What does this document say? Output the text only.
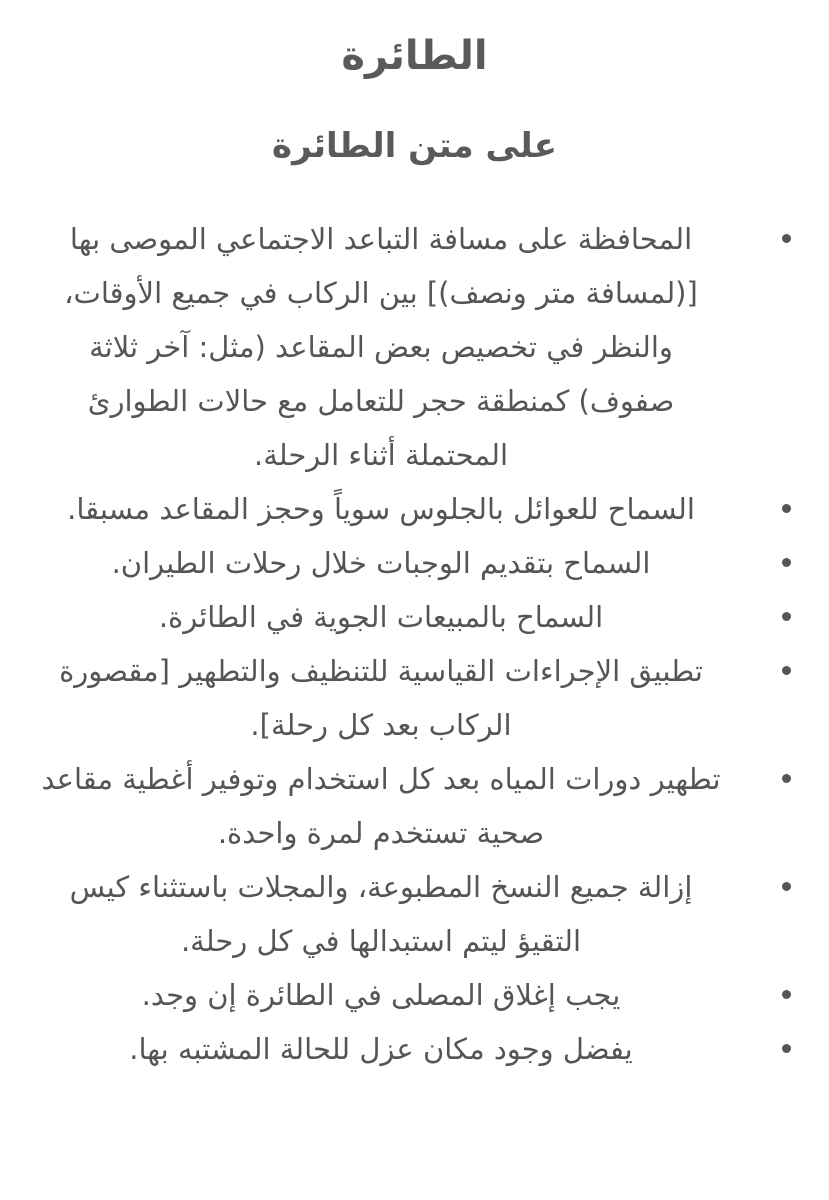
الطائرة
على متن الطائرة
المحافظة على مسافة التباعد الاجتماعي الموصى بها [(لمسافة متر ونصف)] بين الركاب في جميع الأوقات، والنظر في تخصيص بعض المقاعد (مثل: آخر ثلاثة صفوف) كمنطقة حجر للتعامل مع حالات الطوارئ المحتملة أثناء الرحلة.
السماح للعوائل بالجلوس سوياً وحجز المقاعد مسبقا.
السماح بتقديم الوجبات خلال رحلات الطيران.
السماح بالمبيعات الجوية في الطائرة.
تطبيق الإجراءات القياسية للتنظيف والتطهير [مقصورة الركاب بعد كل رحلة].
تطهير دورات المياه بعد كل استخدام وتوفير أغطية مقاعد صحية تستخدم لمرة واحدة.
إزالة جميع النسخ المطبوعة، والمجلات باستثناء كيس التقيؤ ليتم استبدالها في كل رحلة.
يجب إغلاق المصلى في الطائرة إن وجد.
يفضل وجود مكان عزل للحالة المشتبه بها.
